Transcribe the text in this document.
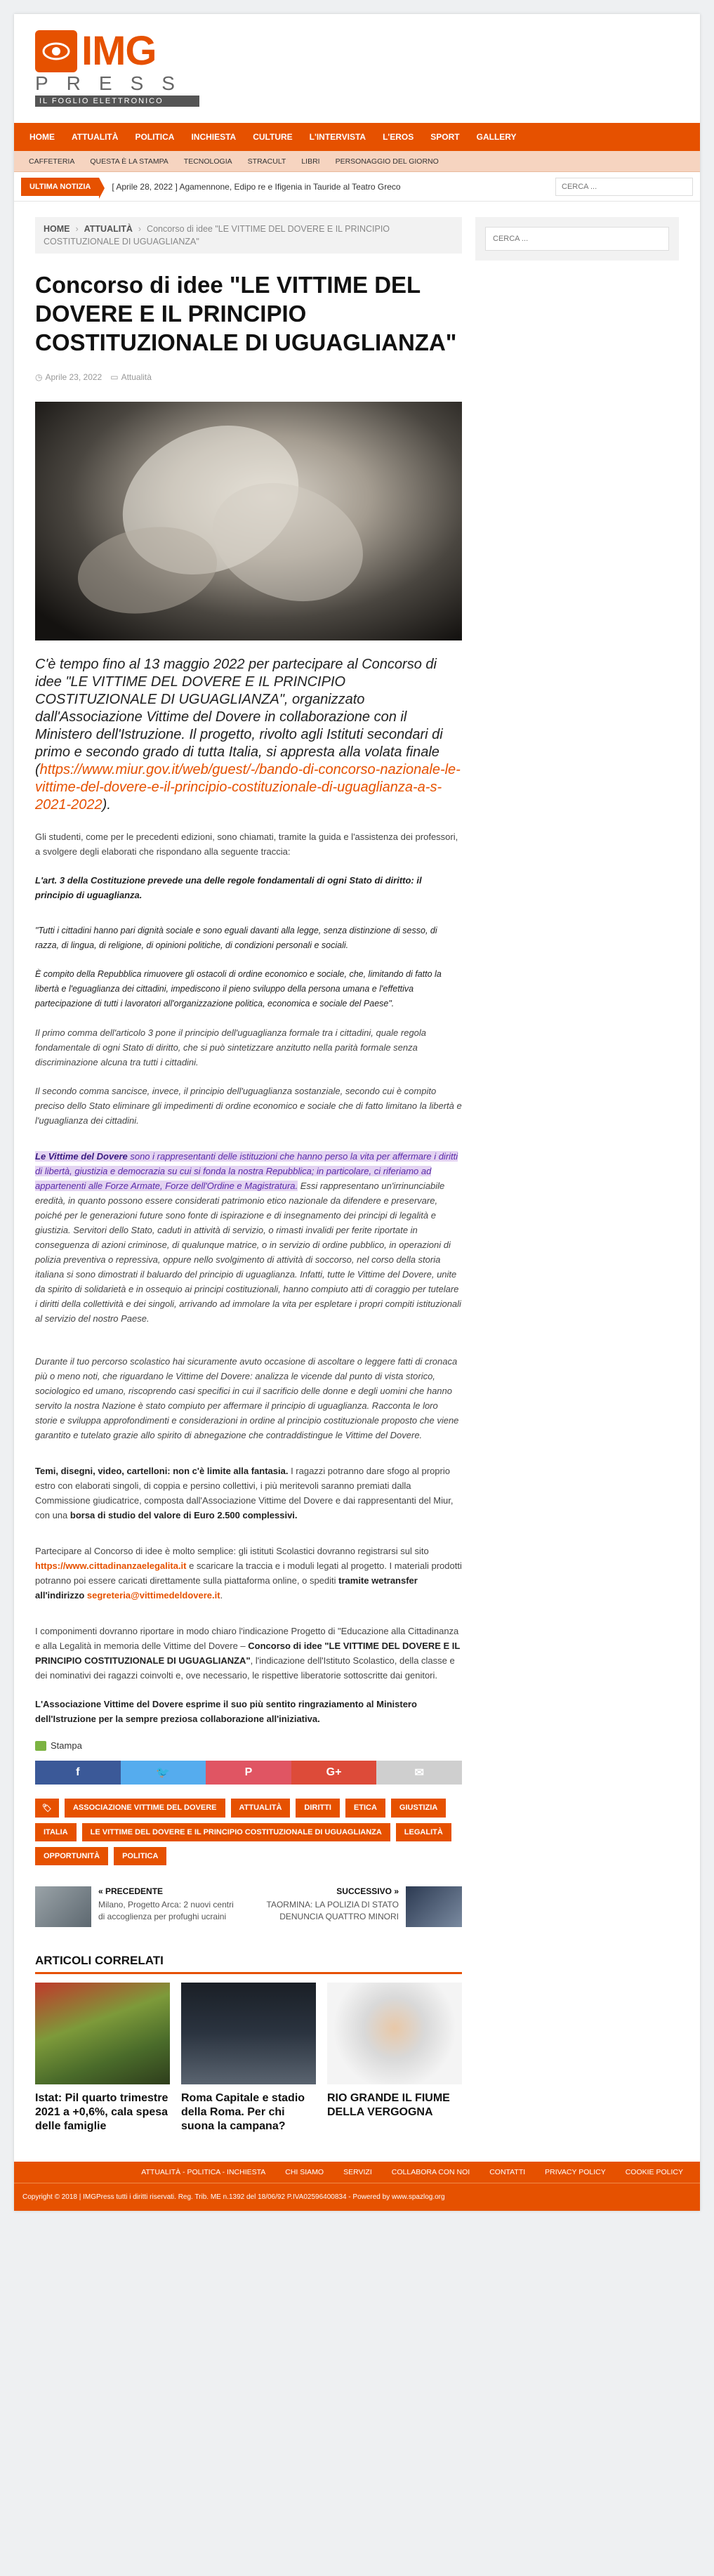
IMG
PRESS
IL FOGLIO ELETTRONICO
HOME	ATTUALITÀ	POLITICA	INCHIESTA	CULTURE	L'INTERVISTA	L'EROS	SPORT	GALLERY
CAFFETERIA	QUESTA È LA STAMPA	TECNOLOGIA	STRACULT	LIBRI	PERSONAGGIO DEL GIORNO
ULTIMA NOTIZIA	[ Aprile 28, 2022 ] Agamennone, Edipo re e Ifigenia in Tauride al Teatro Greco
CERCA ...
HOME › ATTUALITÀ › Concorso di idee "LE VITTIME DEL DOVERE E IL PRINCIPIO COSTITUZIONALE DI UGUAGLIANZA"
Concorso di idee "LE VITTIME DEL DOVERE E IL PRINCIPIO COSTITUZIONALE DI UGUAGLIANZA"
◷ Aprile 23, 2022 ▭ Attualità

C'è tempo fino al 13 maggio 2022 per partecipare al Concorso di idee "LE VITTIME DEL DOVERE E IL PRINCIPIO COSTITUZIONALE DI UGUAGLIANZA", organizzato dall'Associazione Vittime del Dovere in collaborazione con il Ministero dell'Istruzione. Il progetto, rivolto agli Istituti secondari di primo e secondo grado di tutta Italia, si appresta alla volata finale (https://www.miur.gov.it/web/guest/-/bando-di-concorso-nazionale-le-vittime-del-dovere-e-il-principio-costituzionale-di-uguaglianza-a-s-2021-2022).

Gli studenti, come per le precedenti edizioni, sono chiamati, tramite la guida e l'assistenza dei professori, a svolgere degli elaborati che rispondano alla seguente traccia:

L'art. 3 della Costituzione prevede una delle regole fondamentali di ogni Stato di diritto: il principio di uguaglianza.

"Tutti i cittadini hanno pari dignità sociale e sono eguali davanti alla legge, senza distinzione di sesso, di razza, di lingua, di religione, di opinioni politiche, di condizioni personali e sociali.

È compito della Repubblica rimuovere gli ostacoli di ordine economico e sociale, che, limitando di fatto la libertà e l'eguaglianza dei cittadini, impediscono il pieno sviluppo della persona umana e l'effettiva partecipazione di tutti i lavoratori all'organizzazione politica, economica e sociale del Paese".

Il primo comma dell'articolo 3 pone il principio dell'uguaglianza formale tra i cittadini, quale regola fondamentale di ogni Stato di diritto, che si può sintetizzare anzitutto nella parità formale senza discriminazione alcuna tra tutti i cittadini.

Il secondo comma sancisce, invece, il principio dell'uguaglianza sostanziale, secondo cui è compito preciso dello Stato eliminare gli impedimenti di ordine economico e sociale che di fatto limitano la libertà e l'uguaglianza dei cittadini.

Le Vittime del Dovere sono i rappresentanti delle istituzioni che hanno perso la vita per affermare i diritti di libertà, giustizia e democrazia su cui si fonda la nostra Repubblica; in particolare, ci riferiamo ad appartenenti alle Forze Armate, Forze dell'Ordine e Magistratura. Essi rappresentano un'irrinunciabile eredità, in quanto possono essere considerati patrimonio etico nazionale da difendere e preservare, poiché per le generazioni future sono fonte di ispirazione e di insegnamento dei principi di legalità e giustizia. Servitori dello Stato, caduti in attività di servizio, o rimasti invalidi per ferite riportate in conseguenza di azioni criminose, di qualunque matrice, o in servizio di ordine pubblico, in operazioni di polizia preventiva o repressiva, oppure nello svolgimento di attività di soccorso, nel corso della storia italiana si sono dimostrati il baluardo del principio di uguaglianza. Infatti, tutte le Vittime del Dovere, unite da spirito di solidarietà e in ossequio ai principi costituzionali, hanno compiuto atti di coraggio per tutelare i diritti della collettività e dei singoli, arrivando ad immolare la vita per espletare i propri compiti istituzionali al servizio del nostro Paese.

Durante il tuo percorso scolastico hai sicuramente avuto occasione di ascoltare o leggere fatti di cronaca più o meno noti, che riguardano le Vittime del Dovere: analizza le vicende dal punto di vista storico, sociologico ed umano, riscoprendo casi specifici in cui il sacrificio delle donne e degli uomini che hanno servito la nostra Nazione è stato compiuto per affermare il principio di uguaglianza. Racconta le loro storie e sviluppa approfondimenti e considerazioni in ordine al principio costituzionale proposto che viene garantito e tutelato grazie allo spirito di abnegazione che contraddistingue le Vittime del Dovere.

Temi, disegni, video, cartelloni: non c'è limite alla fantasia. I ragazzi potranno dare sfogo al proprio estro con elaborati singoli, di coppia e persino collettivi, i più meritevoli saranno premiati dalla Commissione giudicatrice, composta dall'Associazione Vittime del Dovere e dai rappresentanti del Miur, con una borsa di studio del valore di Euro 2.500 complessivi.

Partecipare al Concorso di idee è molto semplice: gli istituti Scolastici dovranno registrarsi sul sito https://www.cittadinanzaelegalita.it e scaricare la traccia e i moduli legati al progetto. I materiali prodotti potranno poi essere caricati direttamente sulla piattaforma online, o spediti tramite wetransfer all'indirizzo segreteria@vittimedeldovere.it.

I componimenti dovranno riportare in modo chiaro l'indicazione Progetto di "Educazione alla Cittadinanza e alla Legalità in memoria delle Vittime del Dovere – Concorso di idee "LE VITTIME DEL DOVERE E IL PRINCIPIO COSTITUZIONALE DI UGUAGLIANZA", l'indicazione dell'Istituto Scolastico, della classe e dei nominativi dei ragazzi coinvolti e, ove necessario, le rispettive liberatorie sottoscritte dai genitori.

L'Associazione Vittime del Dovere esprime il suo più sentito ringraziamento al Ministero dell'Istruzione per la sempre preziosa collaborazione all'iniziativa.

Stampa
f	🐦	P	G+	✉
🏷	ASSOCIAZIONE VITTIME DEL DOVERE	ATTUALITÀ	DIRITTI	ETICA	GIUSTIZIA
ITALIA	LE VITTIME DEL DOVERE E IL PRINCIPIO COSTITUZIONALE DI UGUAGLIANZA	LEGALITÀ
OPPORTUNITÀ	POLITICA
« PRECEDENTE
Milano, Progetto Arca: 2 nuovi centri di accoglienza per profughi ucraini
SUCCESSIVO »
TAORMINA: LA POLIZIA DI STATO DENUNCIA QUATTRO MINORI
ARTICOLI CORRELATI
Istat: Pil quarto trimestre 2021 a +0,6%, cala spesa delle famiglie
Roma Capitale e stadio della Roma. Per chi suona la campana?
RIO GRANDE IL FIUME DELLA VERGOGNA
CERCA ...
ATTUALITÀ - POLITICA - INCHIESTA	CHI SIAMO	SERVIZI	COLLABORA CON NOI	CONTATTI	PRIVACY POLICY	COOKIE POLICY
Copyright © 2018 | IMGPress tutti i diritti riservati. Reg. Trib. ME n.1392 del 18/06/92 P.IVA02596400834 - Powered by www.spazlog.org
